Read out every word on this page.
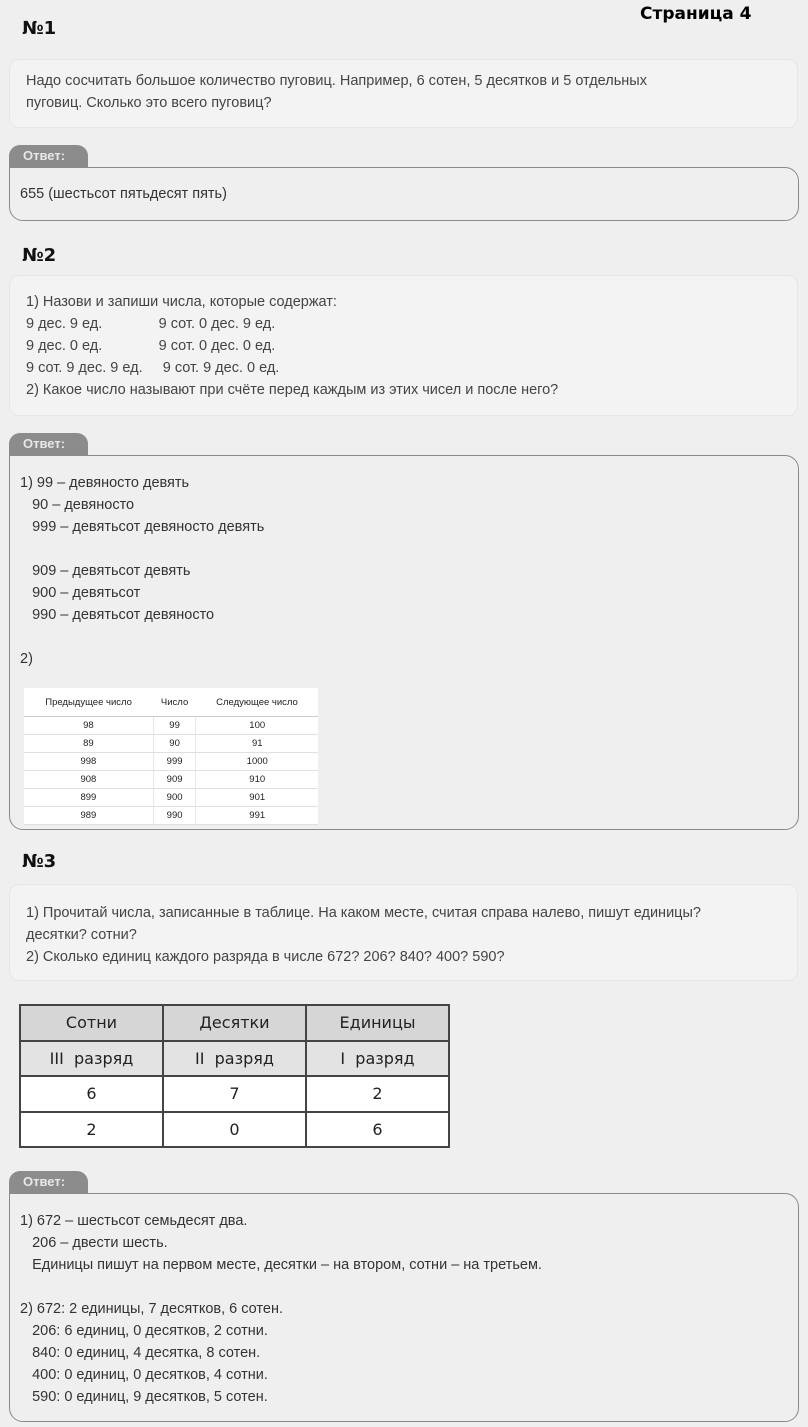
Страница 4
№1
Надо сосчитать большое количество пуговиц. Например, 6 сотен, 5 десятков и 5 отдельных
пуговиц. Сколько это всего пуговиц?
Ответ:
655 (шестьсот пятьдесят пять)
№2
1) Назови и запиши числа, которые содержат:
9 дес. 9 ед.              9 сот. 0 дес. 9 ед.
9 дес. 0 ед.              9 сот. 0 дес. 0 ед.
9 сот. 9 дес. 9 ед.     9 сот. 9 дес. 0 ед.
2) Какое число называют при счёте перед каждым из этих чисел и после него?
Ответ:
1) 99 – девяносто девять
90 – девяносто
999 – девятьсот девяносто девять
909 – девятьсот девять
900 – девятьсот
990 – девятьсот девяносто
2)
Предыдущее число	Число	Следующее число
98	99	100
89	90	91
998	999	1000
908	909	910
899	900	901
989	990	991
№3
1) Прочитай числа, записанные в таблице. На каком месте, считая справа налево, пишут единицы?
десятки? сотни?
2) Сколько единиц каждого разряда в числе 672? 206? 840? 400? 590?
Сотни	Десятки	Единицы
III  разряд	II  разряд	I  разряд
6	7	2
2	0	6
Ответ:
1) 672 – шестьсот семьдесят два.
206 – двести шесть.
Единицы пишут на первом месте, десятки – на втором, сотни – на третьем.
2) 672: 2 единицы, 7 десятков, 6 сотен.
206: 6 единиц, 0 десятков, 2 сотни.
840: 0 единиц, 4 десятка, 8 сотен.
400: 0 единиц, 0 десятков, 4 сотни.
590: 0 единиц, 9 десятков, 5 сотен.
